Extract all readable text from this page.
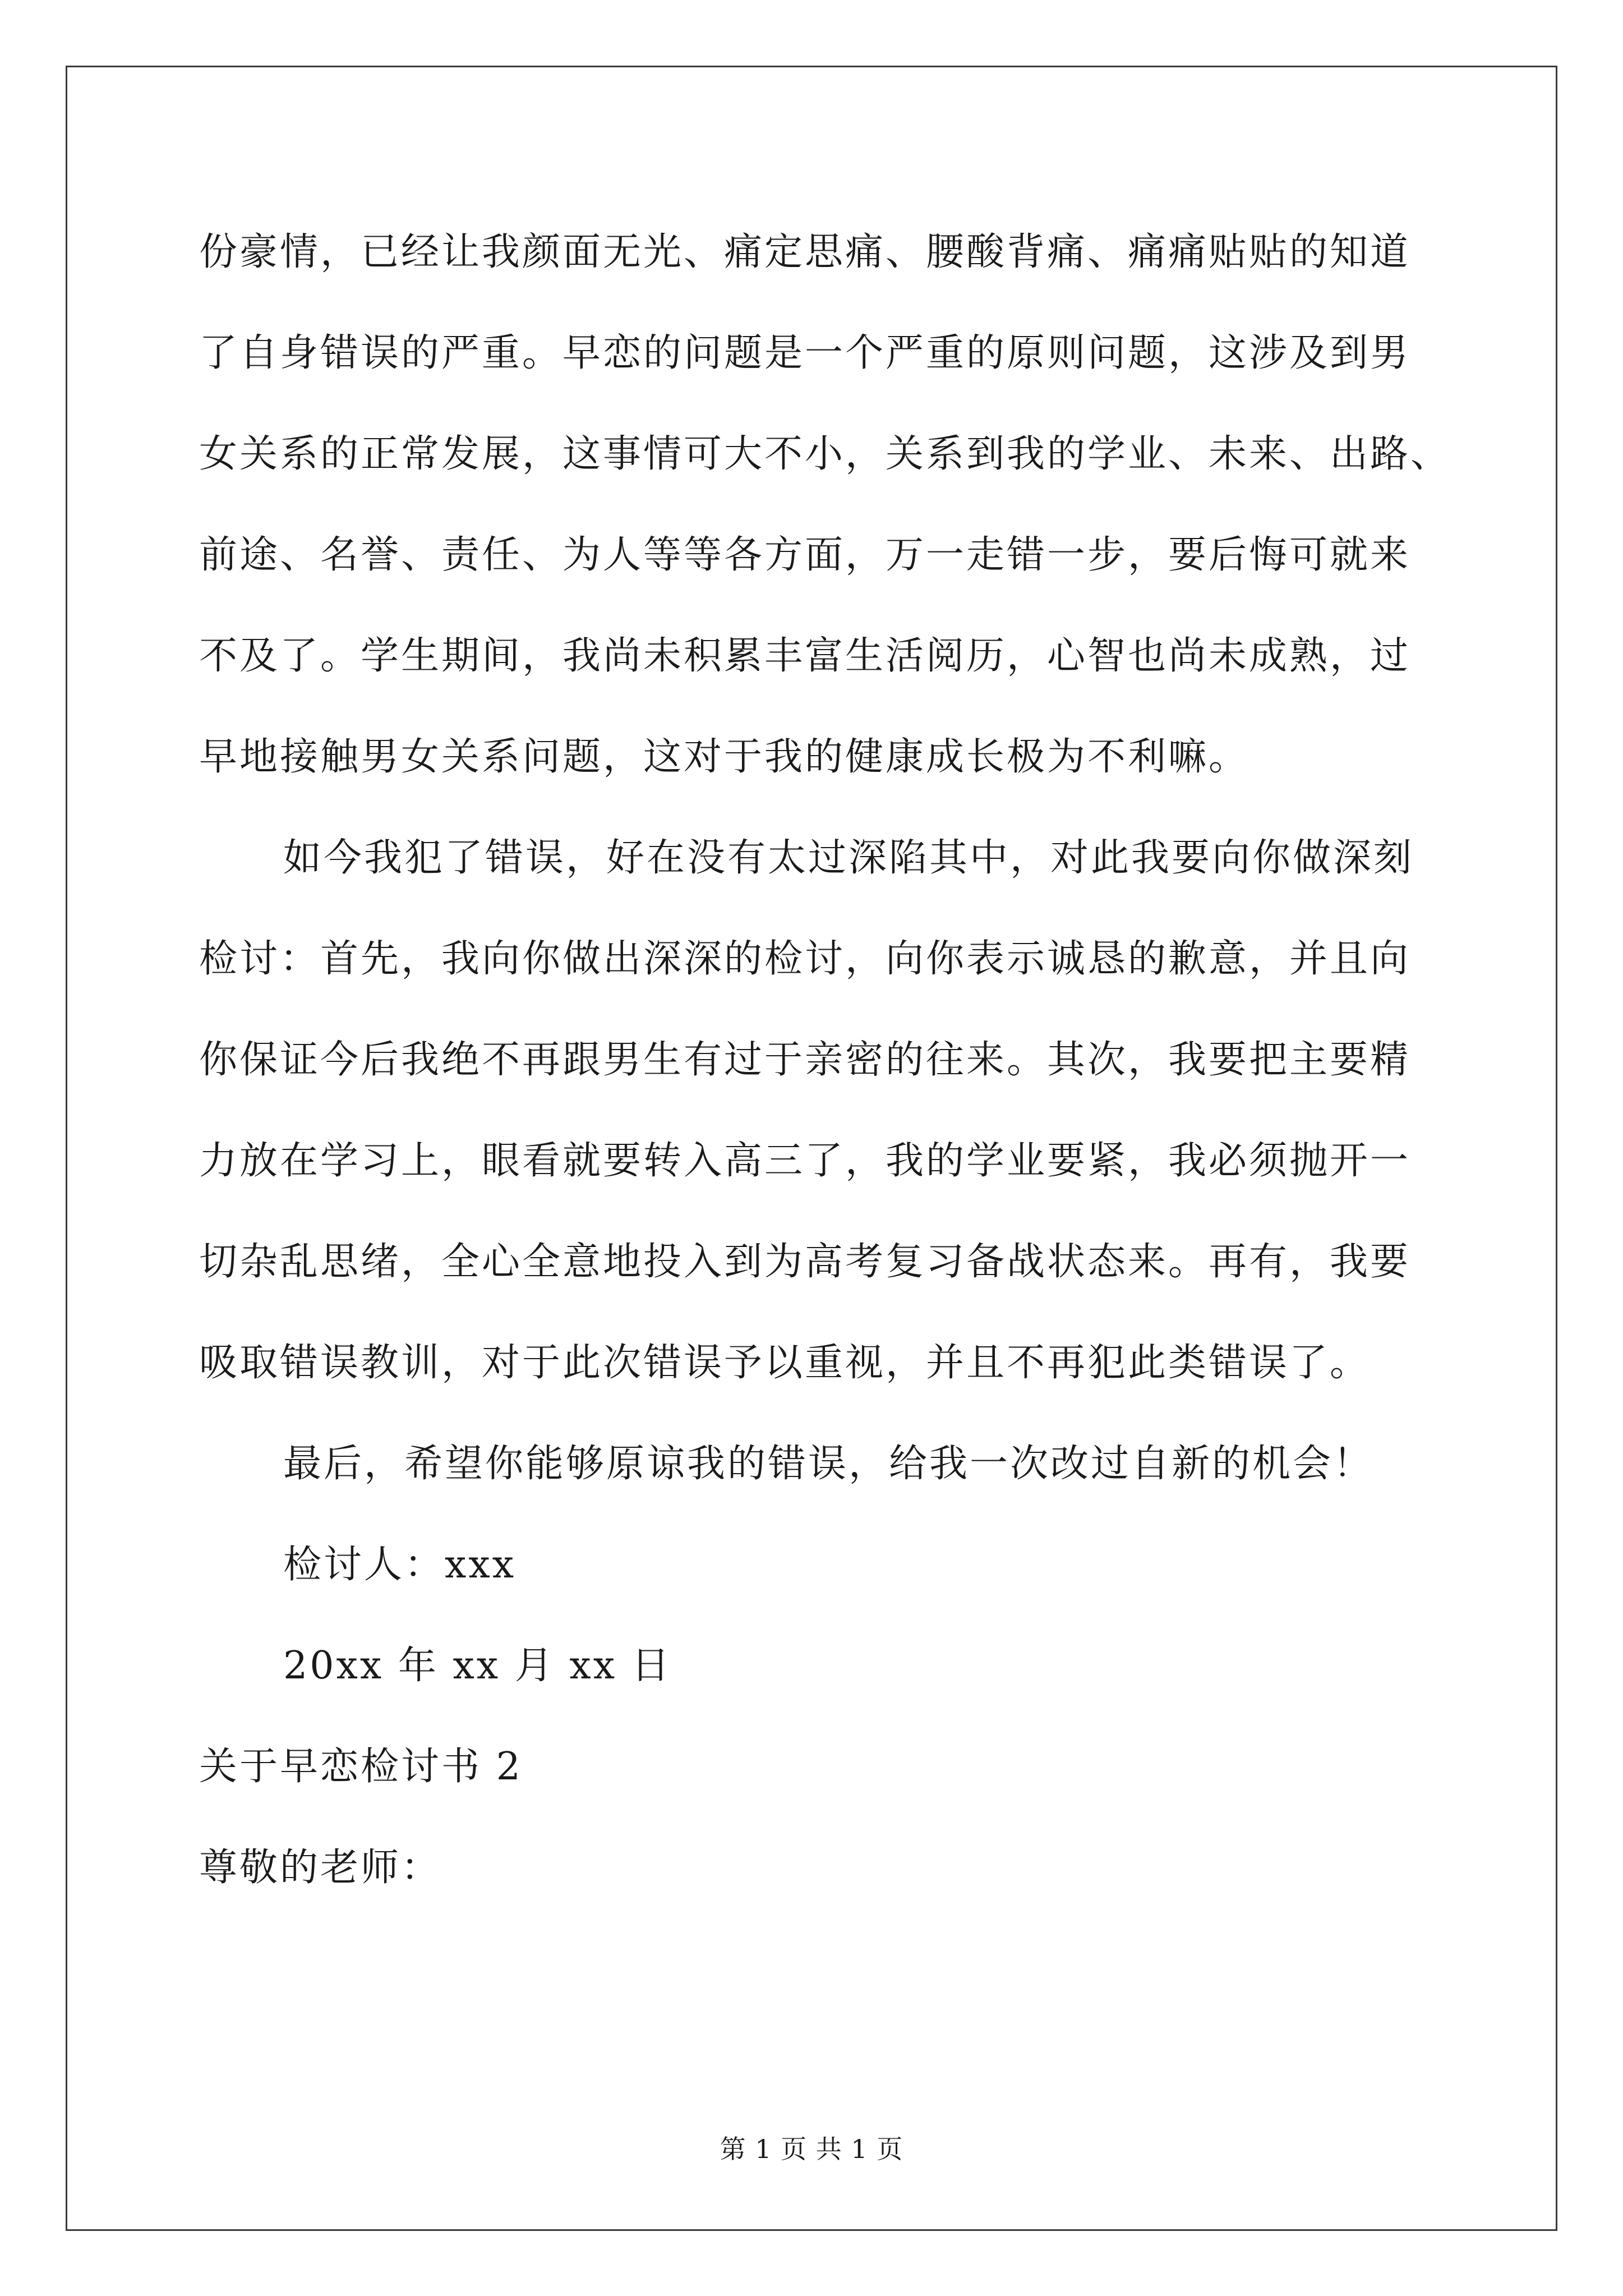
份豪情，已经让我颜面无光、痛定思痛、腰酸背痛、痛痛贴贴的知道
了自身错误的严重。早恋的问题是一个严重的原则问题，这涉及到男
女关系的正常发展，这事情可大不小，关系到我的学业、未来、出路、
前途、名誉、责任、为人等等各方面，万一走错一步，要后悔可就来
不及了。学生期间，我尚未积累丰富生活阅历，心智也尚未成熟，过
早地接触男女关系问题，这对于我的健康成长极为不利嘛。
如今我犯了错误，好在没有太过深陷其中，对此我要向你做深刻
检讨：首先，我向你做出深深的检讨，向你表示诚恳的歉意，并且向
你保证今后我绝不再跟男生有过于亲密的往来。其次，我要把主要精
力放在学习上，眼看就要转入高三了，我的学业要紧，我必须抛开一
切杂乱思绪，全心全意地投入到为高考复习备战状态来。再有，我要
吸取错误教训，对于此次错误予以重视，并且不再犯此类错误了。
最后，希望你能够原谅我的错误，给我一次改过自新的机会！
检讨人：xxx
20xx 年 xx 月 xx 日
关于早恋检讨书 2
尊敬的老师：
第 1 页 共 1 页
